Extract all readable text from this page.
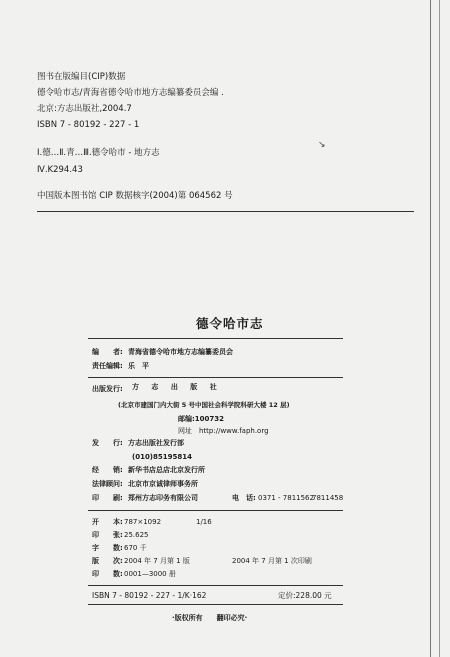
图书在版编目(CIP)数据
德令哈市志/青海省德令哈市地方志编纂委员会编 .
北京:方志出版社,2004.7
ISBN 7 - 80192 - 227 - 1
Ⅰ.德…Ⅱ.青…Ⅲ.德令哈市 - 地方志
Ⅳ.K294.43
中国版本图书馆 CIP 数据核字(2004)第 064562 号
↘
德令哈市志
编　　者: 青海省德令哈市地方志编纂委员会
责任编辑: 乐　平
出版发行: 方 志 出 版 社
(北京市建国门内大街 5 号中国社会科学院科研大楼 12 层)
邮编:100732
网址　http://www.faph.org
发　　行: 方志出版社发行部
(010)85195814
经　　销: 新华书店总店北京发行所
法律顾问: 北京市京诚律师事务所
印　　刷: 郑州方志印务有限公司	电　话: 0371 - 7811562
7811458
开　　本: 787×1092	1/16
印　　张: 25.625
字　　数: 670 千
版　　次: 2004 年 7 月第 1 版	2004 年 7 月第 1 次印刷
印　　数: 0001—3000 册
ISBN 7 - 80192 - 227 - 1/K·162	定价:228.00 元
·版权所有　　翻印必究·
